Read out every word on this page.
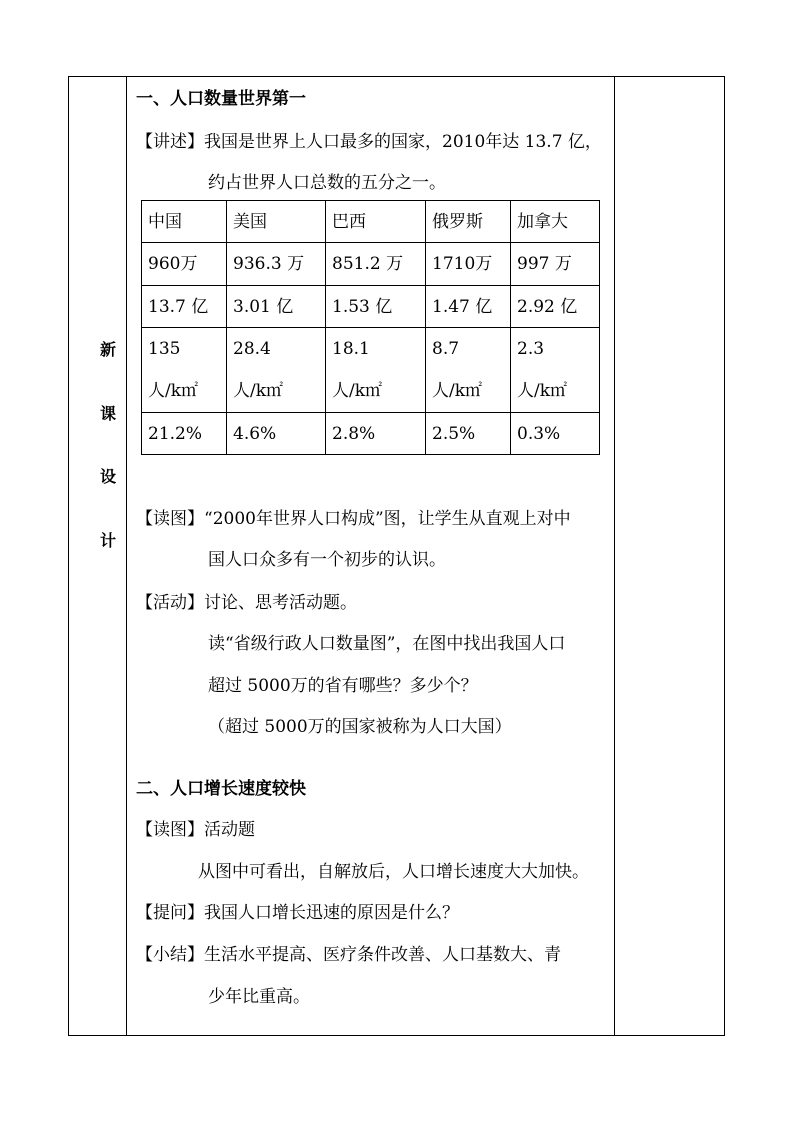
新
课
设
计
一、人口数量世界第一
【讲述】我国是世界上人口最多的国家，2010年达 13.7 亿，
约占世界人口总数的五分之一。
中国	美国	巴西	俄罗斯	加拿大
960万	936.3 万	851.2 万	1710万	997 万
13.7 亿	3.01 亿	1.53 亿	1.47 亿	2.92 亿
135 人/k㎡	28.4 人/k㎡	18.1 人/k㎡	8.7 人/k㎡	2.3 人/k㎡
21.2%	4.6%	2.8%	2.5%	0.3%
【读图】“2000年世界人口构成”图，让学生从直观上对中
国人口众多有一个初步的认识。
【活动】讨论、思考活动题。
读“省级行政人口数量图”，在图中找出我国人口
超过 5000万的省有哪些？多少个？
（超过 5000万的国家被称为人口大国）
二、人口增长速度较快
【读图】活动题
从图中可看出，自解放后，人口增长速度大大加快。
【提问】我国人口增长迅速的原因是什么？
【小结】生活水平提高、医疗条件改善、人口基数大、青
少年比重高。
